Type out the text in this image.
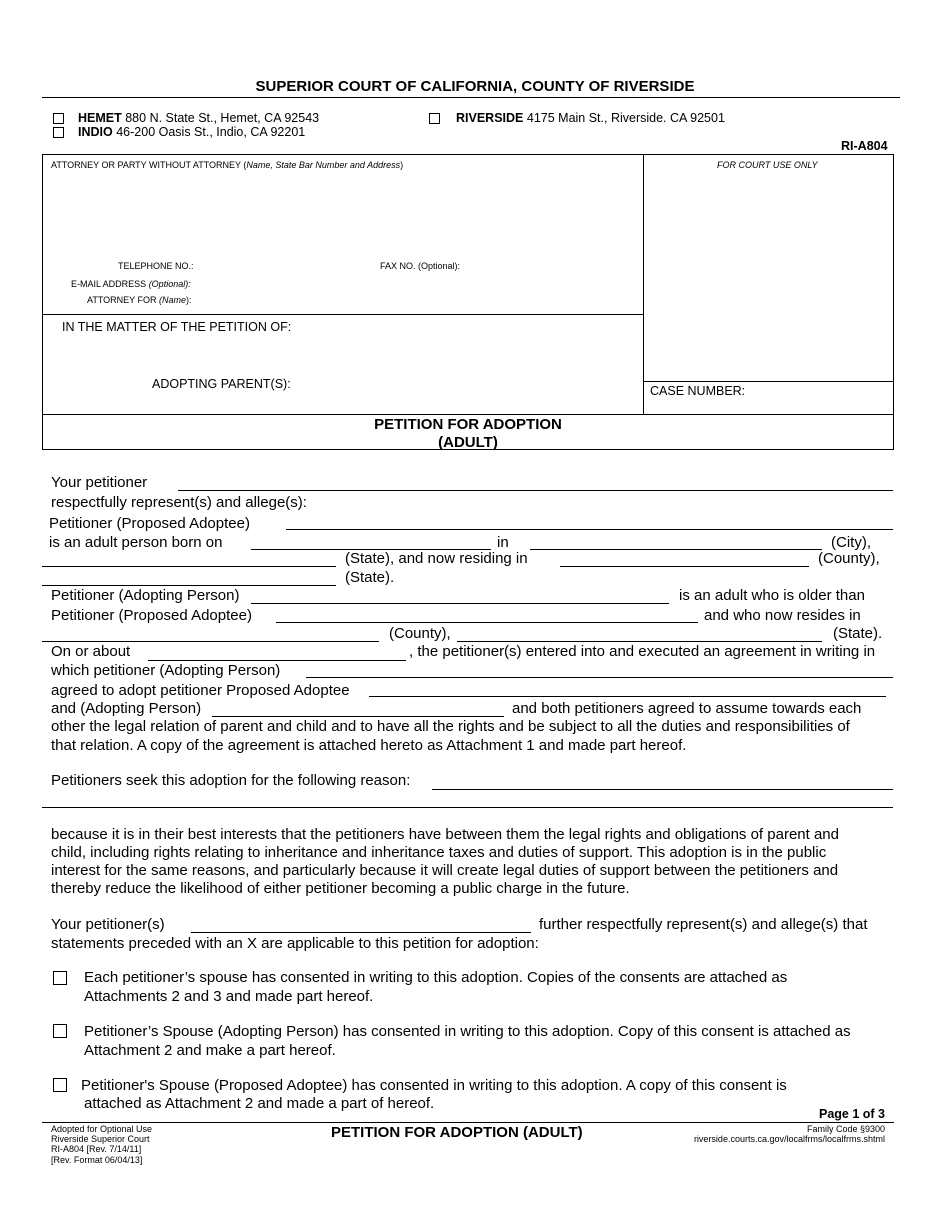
SUPERIOR COURT OF CALIFORNIA, COUNTY OF RIVERSIDE
HEMET 880 N. State St., Hemet, CA 92543
INDIO 46-200 Oasis St., Indio, CA 92201
RIVERSIDE 4175 Main St., Riverside. CA 92501
RI-A804
ATTORNEY OR PARTY WITHOUT ATTORNEY (Name, State Bar Number and Address)	FOR COURT USE ONLY
TELEPHONE NO.:	FAX NO. (Optional):
E-MAIL ADDRESS (Optional):
ATTORNEY FOR (Name):
IN THE MATTER OF THE PETITION OF:
ADOPTING PARENT(S):	CASE NUMBER:
PETITION FOR ADOPTION
(ADULT)
Your petitioner
respectfully represent(s) and allege(s):
Petitioner (Proposed Adoptee)
is an adult person born on	in	(City),
(State), and now residing in	(County),
(State).
Petitioner (Adopting Person)	is an adult who is older than
Petitioner (Proposed Adoptee)	and who now resides in
(County),	(State).
On or about	, the petitioner(s) entered into and executed an agreement in writing in
which petitioner (Adopting Person)
agreed to adopt petitioner Proposed Adoptee
and (Adopting Person)	and both petitioners agreed to assume towards each
other the legal relation of parent and child and to have all the rights and be subject to all the duties and responsibilities of
that relation. A copy of the agreement is attached hereto as Attachment 1 and made part hereof.
Petitioners seek this adoption for the following reason:
because it is in their best interests that the petitioners have between them the legal rights and obligations of parent and
child, including rights relating to inheritance and inheritance taxes and duties of support. This adoption is in the public
interest for the same reasons, and particularly because it will create legal duties of support between the petitioners and
thereby reduce the likelihood of either petitioner becoming a public charge in the future.
Your petitioner(s)	further respectfully represent(s) and allege(s) that
statements preceded with an X are applicable to this petition for adoption:
Each petitioner’s spouse has consented in writing to this adoption. Copies of the consents are attached as
Attachments 2 and 3 and made part hereof.
Petitioner’s Spouse (Adopting Person) has consented in writing to this adoption. Copy of this consent is attached as
Attachment 2 and make a part hereof.
Petitioner's Spouse (Proposed Adoptee) has consented in writing to this adoption. A copy of this consent is
attached as Attachment 2 and made a part of hereof.
Page 1 of 3
Adopted for Optional Use
Riverside Superior Court
RI-A804 [Rev. 7/14/11]
[Rev. Format 06/04/13]
PETITION FOR ADOPTION (ADULT)	Family Code §9300
riverside.courts.ca.gov/localfrms/localfrms.shtml
